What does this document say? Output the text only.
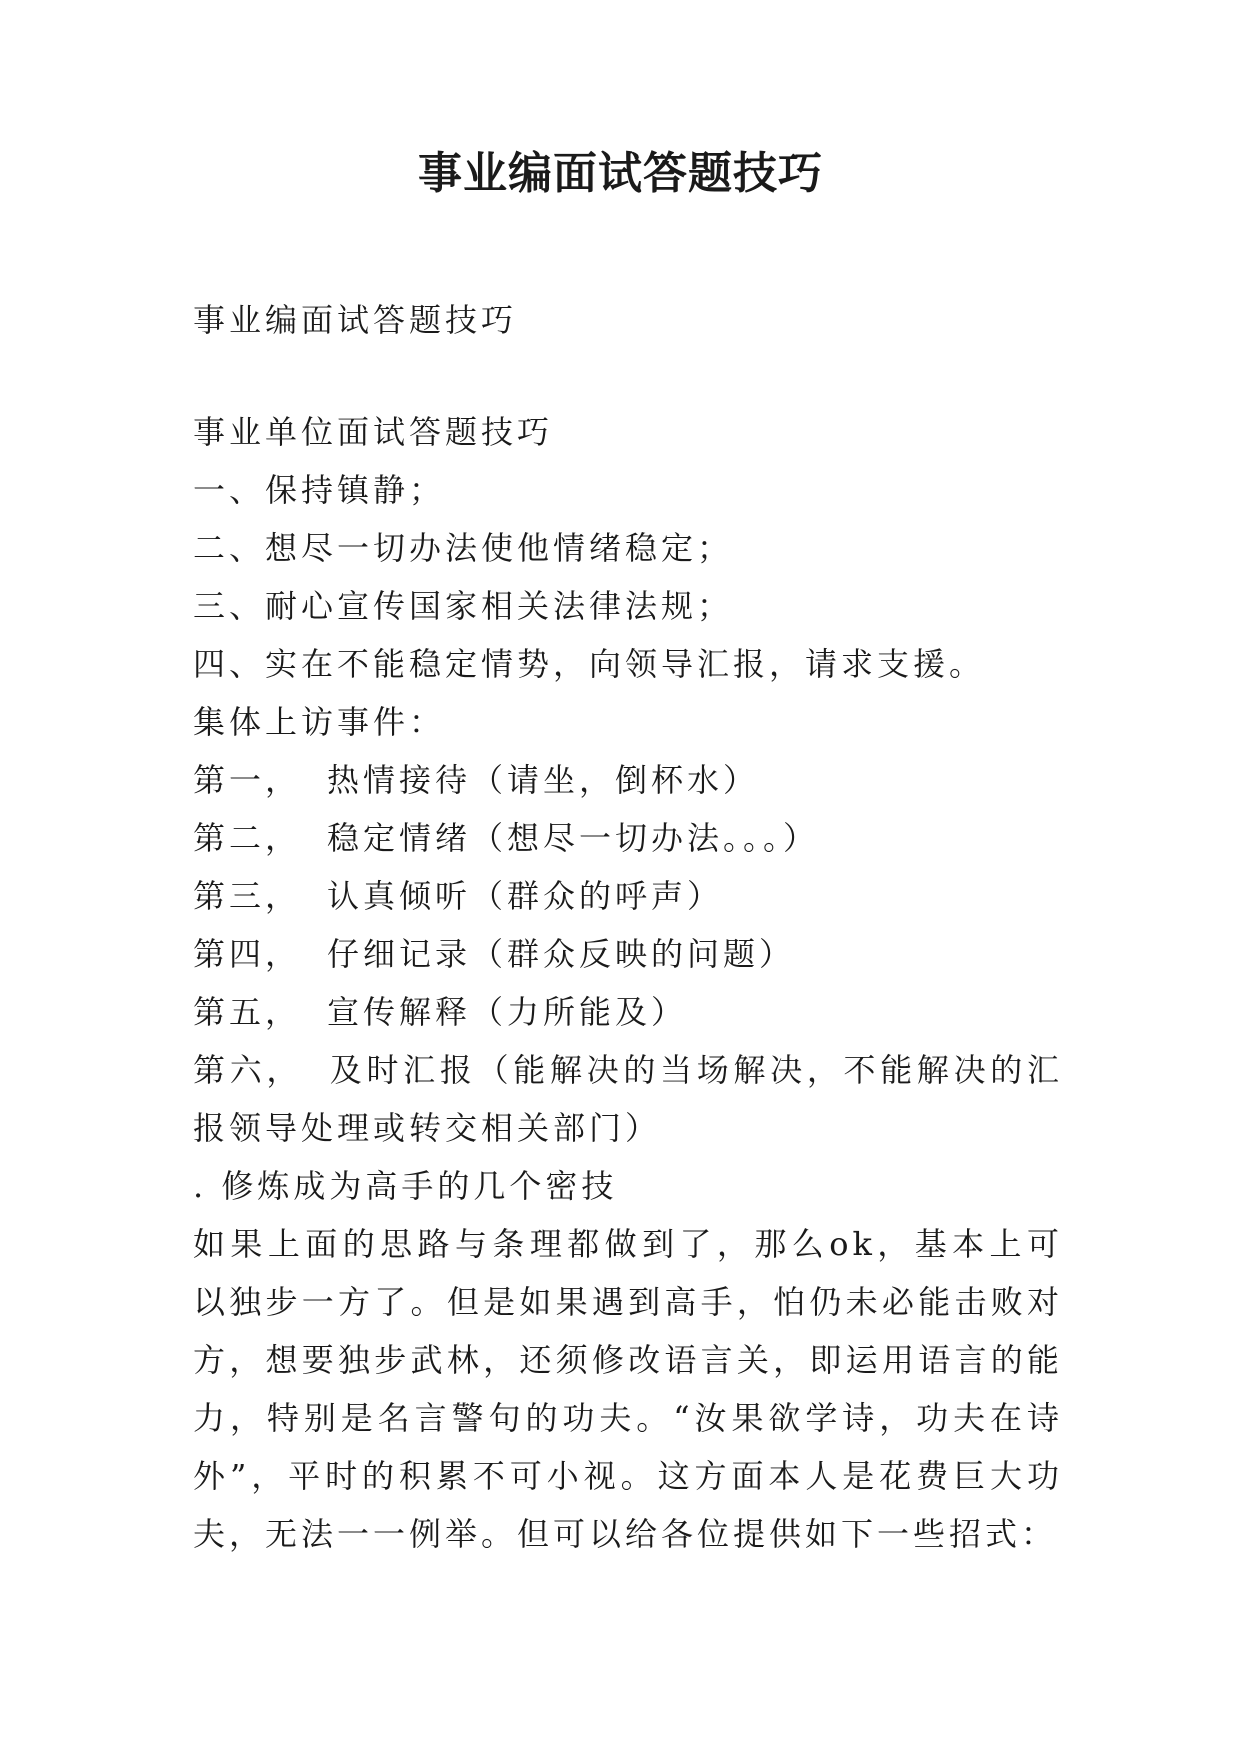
事业编面试答题技巧

事业编面试答题技巧

事业单位面试答题技巧

一、保持镇静；

二、想尽一切办法使他情绪稳定；

三、耐心宣传国家相关法律法规；

四、实在不能稳定情势，向领导汇报，请求支援。

集体上访事件：

第一， 热情接待（请坐，倒杯水）

第二， 稳定情绪（想尽一切办法。。。）

第三， 认真倾听（群众的呼声）

第四， 仔细记录（群众反映的问题）

第五， 宣传解释（力所能及）

第六， 及时汇报（能解决的当场解决，不能解决的汇报领导处理或转交相关部门）

. 修炼成为高手的几个密技

如果上面的思路与条理都做到了，那么ok，基本上可以独步一方了。但是如果遇到高手，怕仍未必能击败对方，想要独步武林，还须修改语言关，即运用语言的能力，特别是名言警句的功夫。“汝果欲学诗，功夫在诗外”，平时的积累不可小视。这方面本人是花费巨大功夫，无法一一例举。但可以给各位提供如下一些招式：
